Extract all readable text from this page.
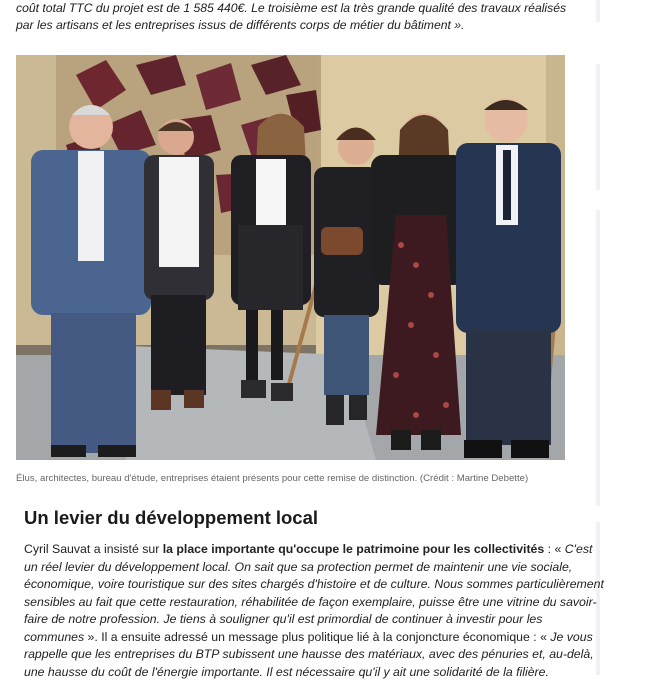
coût total TTC du projet est de 1 585 440€. Le troisième est la très grande qualité des travaux réalisés par les artisans et les entreprises issus de différents corps de métier du bâtiment ».

Élus, architectes, bureau d'étude, entreprises étaient présents pour cette remise de distinction. (Crédit : Martine Debette)
Un levier du développement local

Cyril Sauvat a insisté sur la place importante qu'occupe le patrimoine pour les collectivités : « C'est un réel levier du développement local. On sait que sa protection permet de maintenir une vie sociale, économique, voire touristique sur des sites chargés d'histoire et de culture. Nous sommes particulièrement sensibles au fait que cette restauration, réhabilitée de façon exemplaire, puisse être une vitrine du savoir-faire de notre profession. Je tiens à souligner qu'il est primordial de continuer à investir pour les communes ». Il a ensuite adressé un message plus politique lié à la conjoncture économique : « Je vous rappelle que les entreprises du BTP subissent une hausse des matériaux, avec des pénuries et, au-delà, une hausse du coût de l'énergie importante. Il est nécessaire qu'il y ait une solidarité de la filière.
